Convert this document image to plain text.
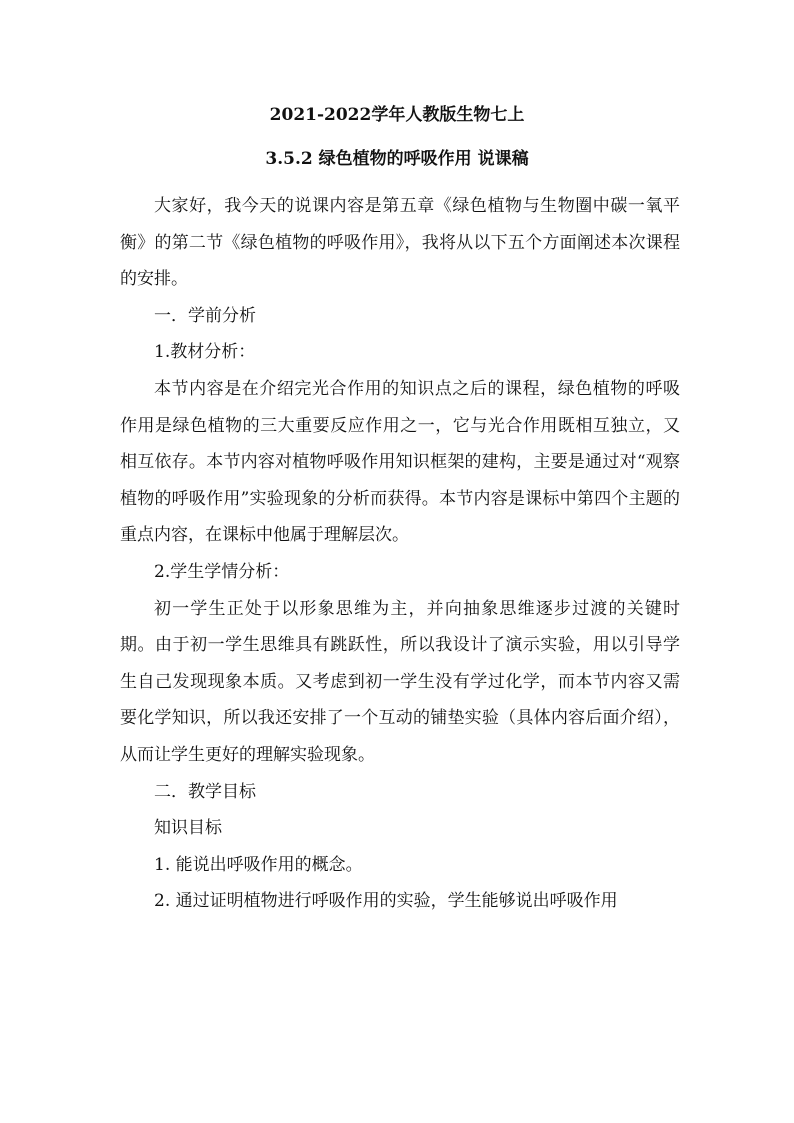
2021-2022学年人教版生物七上
3.5.2 绿色植物的呼吸作用 说课稿

大家好，我今天的说课内容是第五章《绿色植物与生物圈中碳一氧平衡》的第二节《绿色植物的呼吸作用》，我将从以下五个方面阐述本次课程的安排。

一．学前分析

1.教材分析：

本节内容是在介绍完光合作用的知识点之后的课程，绿色植物的呼吸作用是绿色植物的三大重要反应作用之一，它与光合作用既相互独立，又相互依存。本节内容对植物呼吸作用知识框架的建构，主要是通过对“观察植物的呼吸作用”实验现象的分析而获得。本节内容是课标中第四个主题的重点内容，在课标中他属于理解层次。

2.学生学情分析：

初一学生正处于以形象思维为主，并向抽象思维逐步过渡的关键时期。由于初一学生思维具有跳跃性，所以我设计了演示实验，用以引导学生自己发现现象本质。又考虑到初一学生没有学过化学，而本节内容又需要化学知识，所以我还安排了一个互动的铺垫实验（具体内容后面介绍），从而让学生更好的理解实验现象。

二．教学目标

知识目标

1. 能说出呼吸作用的概念。

2. 通过证明植物进行呼吸作用的实验，学生能够说出呼吸作用
